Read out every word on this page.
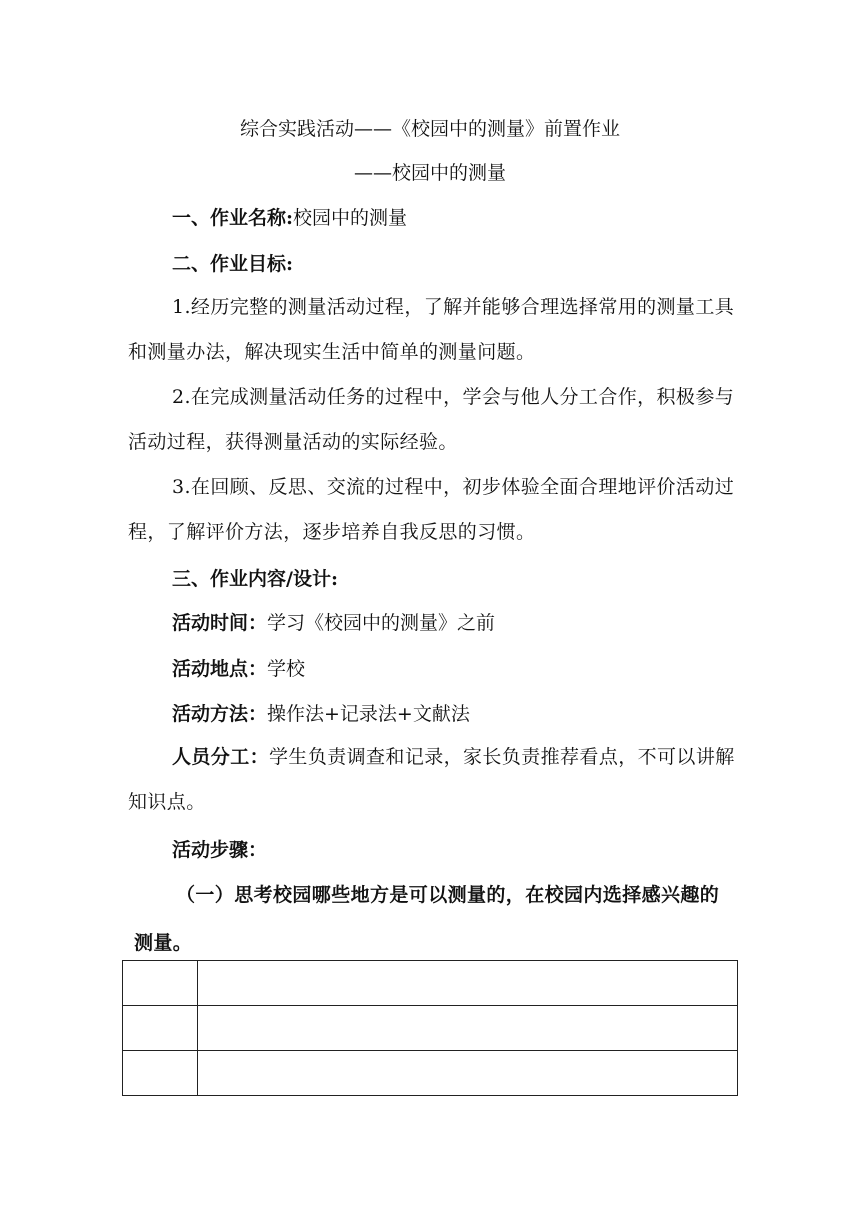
综合实践活动——《校园中的测量》前置作业
——校园中的测量
一、作业名称:校园中的测量
二、作业目标:
1.经历完整的测量活动过程，了解并能够合理选择常用的测量工具和测量办法，解决现实生活中简单的测量问题。
2.在完成测量活动任务的过程中，学会与他人分工合作，积极参与活动过程，获得测量活动的实际经验。
3.在回顾、反思、交流的过程中，初步体验全面合理地评价活动过程，了解评价方法，逐步培养自我反思的习惯。
三、作业内容/设计:
活动时间：学习《校园中的测量》之前
活动地点：学校
活动方法：操作法+记录法+文献法
人员分工：学生负责调查和记录，家长负责推荐看点，不可以讲解知识点。
活动步骤：
（一）思考校园哪些地方是可以测量的，在校园内选择感兴趣的测量。
